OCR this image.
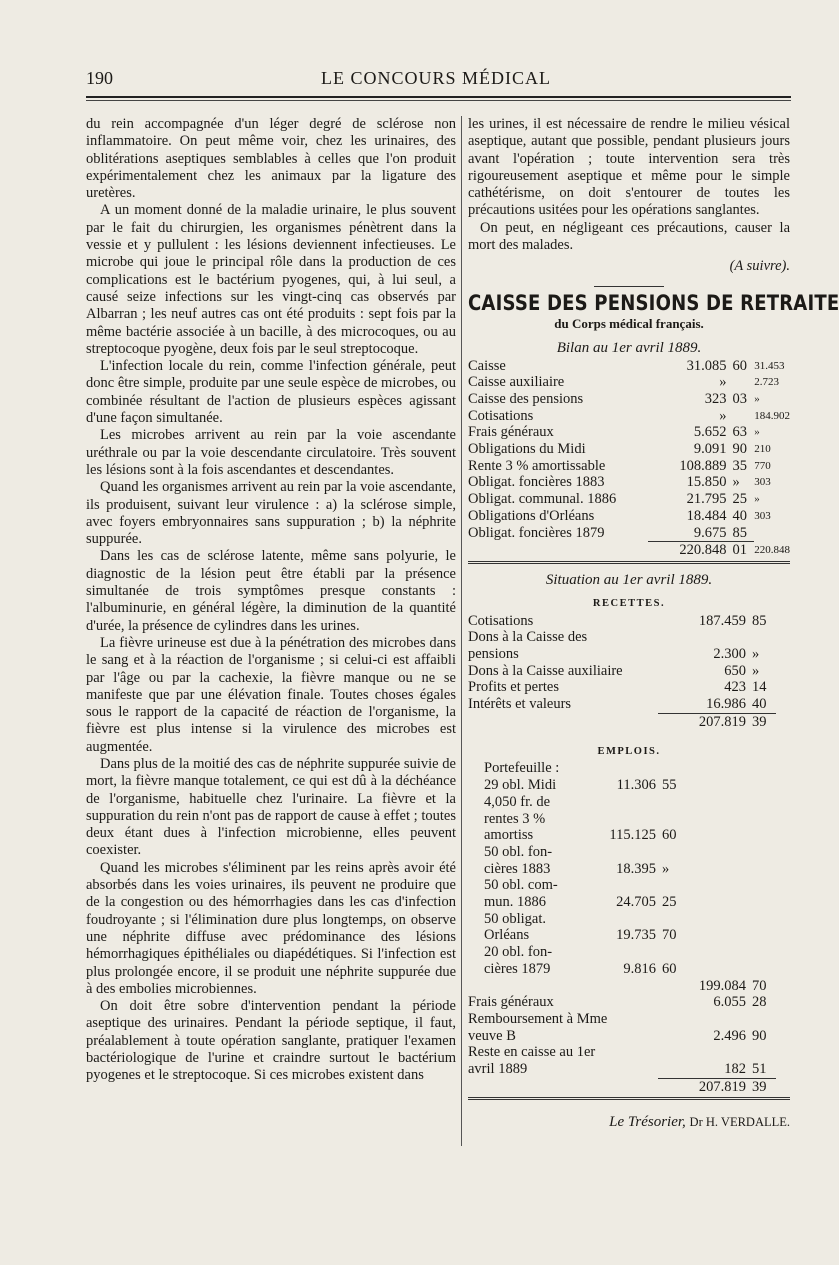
190	LE CONCOURS MÉDICAL

du rein accompagnée d'un léger degré de sclérose non inflammatoire. On peut même voir, chez les urinaires, des oblitérations aseptiques semblables à celles que l'on produit expérimentalement chez les animaux par la ligature des uretères.

A un moment donné de la maladie urinaire, le plus souvent par le fait du chirurgien, les organismes pénètrent dans la vessie et y pullulent : les lésions deviennent infectieuses. Le microbe qui joue le principal rôle dans la production de ces complications est le bactérium pyogenes, qui, à lui seul, a causé seize infections sur les vingt-cinq cas observés par Albarran ; les neuf autres cas ont été produits : sept fois par la même bactérie associée à un bacille, à des microcoques, ou au streptocoque pyogène, deux fois par le seul streptocoque.

L'infection locale du rein, comme l'infection générale, peut donc être simple, produite par une seule espèce de microbes, ou combinée résultant de l'action de plusieurs espèces agissant d'une façon simultanée.

Les microbes arrivent au rein par la voie ascendante uréthrale ou par la voie descendante circulatoire. Très souvent les lésions sont à la fois ascendantes et descendantes.

Quand les organismes arrivent au rein par la voie ascendante, ils produisent, suivant leur virulence : a) la sclérose simple, avec foyers embryonnaires sans suppuration ; b) la néphrite suppurée.

Dans les cas de sclérose latente, même sans polyurie, le diagnostic de la lésion peut être établi par la présence simultanée de trois symptômes presque constants : l'albuminurie, en général légère, la diminution de la quantité d'urée, la présence de cylindres dans les urines.

La fièvre urineuse est due à la pénétration des microbes dans le sang et à la réaction de l'organisme ; si celui-ci est affaibli par l'âge ou par la cachexie, la fièvre manque ou ne se manifeste que par une élévation finale. Toutes choses égales sous le rapport de la capacité de réaction de l'organisme, la fièvre est plus intense si la virulence des microbes est augmentée.

Dans plus de la moitié des cas de néphrite suppurée suivie de mort, la fièvre manque totalement, ce qui est dû à la déchéance de l'organisme, habituelle chez l'urinaire. La fièvre et la suppuration du rein n'ont pas de rapport de cause à effet ; toutes deux étant dues à l'infection microbienne, elles peuvent coexister.

Quand les microbes s'éliminent par les reins après avoir été absorbés dans les voies urinaires, ils peuvent ne produire que de la congestion ou des hémorrhagies dans les cas d'infection foudroyante ; si l'élimination dure plus longtemps, on observe une néphrite diffuse avec prédominance des lésions hémorrhagiques épithéliales ou diapédétiques. Si l'infection est plus prolongée encore, il se produit une néphrite suppurée due à des embolies microbiennes.

On doit être sobre d'intervention pendant la période aseptique des urinaires. Pendant la période septique, il faut, préalablement à toute opération sanglante, pratiquer l'examen bactériologique de l'urine et craindre surtout le bactérium pyogenes et le streptocoque. Si ces microbes existent dans

les urines, il est nécessaire de rendre le milieu vésical aseptique, autant que possible, pendant plusieurs jours avant l'opération ; toute intervention sera très rigoureusement aseptique et même pour le simple cathétérisme, on doit s'entourer de toutes les précautions usitées pour les opérations sanglantes.

On peut, en négligeant ces précautions, causer la mort des malades.

(A suivre).
CAISSE DES PENSIONS DE RETRAITE
du Corps médical français.
Bilan au 1er avril 1889.
Caisse	31.085	60	31.453
Caisse auxiliaire	»		2.723
Caisse des pensions	323	03	»
Cotisations	»		184.902
Frais généraux	5.652	63	»
Obligations du Midi	9.091	90	210
Rente 3 % amortissable	108.889	35	770
Obligat. foncières 1883	15.850	»	303
Obligat. communal. 1886	21.795	25	»
Obligations d'Orléans	18.484	40	303
Obligat. foncières 1879	9.675	85	
	220.848	01	220.848
Situation au 1er avril 1889.
RECETTES.
Cotisations	187.459	85
Dons à la Caisse des		
pensions	2.300	»
Dons à la Caisse auxiliaire	650	»
Profits et pertes	423	14
Intérêts et valeurs	16.986	40
	207.819	39
EMPLOIS.
Portefeuille :
29 obl. Midi	11.306	55
4,050 fr. de		
rentes 3 %		
amortiss	115.125	60
50 obl. fon-		
cières 1883	18.395	»
50 obl. com-		
mun. 1886	24.705	25
50 obligat.		
Orléans	19.735	70
20 obl. fon-		
cières 1879	9.816	60
	199.084	70
Frais généraux	6.055	28
Remboursement à Mme		
veuve B	2.496	90
Reste en caisse au 1er		
avril 1889	182	51
	207.819	39
Le Trésorier, Dr H. VERDALLE.
